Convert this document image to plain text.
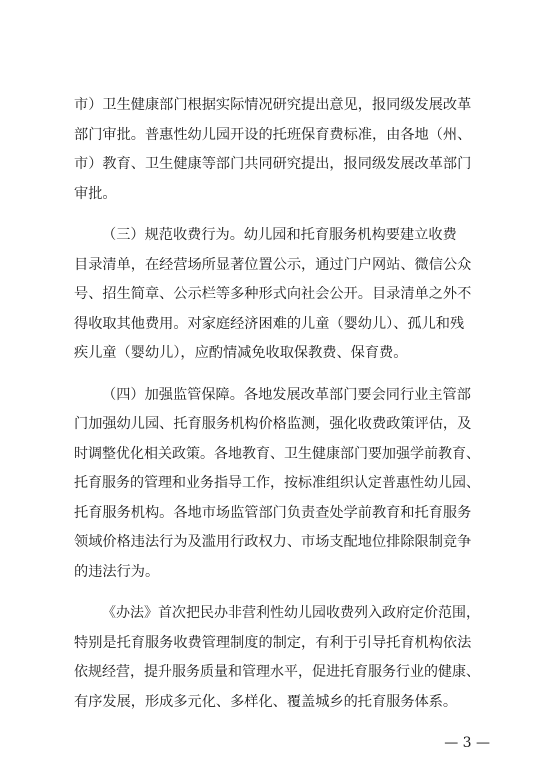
市）卫生健康部门根据实际情况研究提出意见，报同级发展改革
部门审批。普惠性幼儿园开设的托班保育费标准，由各地（州、
市）教育、卫生健康等部门共同研究提出，报同级发展改革部门
审批。
（三）规范收费行为。幼儿园和托育服务机构要建立收费
目录清单，在经营场所显著位置公示，通过门户网站、微信公众
号、招生简章、公示栏等多种形式向社会公开。目录清单之外不
得收取其他费用。对家庭经济困难的儿童（婴幼儿）、孤儿和残
疾儿童（婴幼儿），应酌情减免收取保教费、保育费。
（四）加强监管保障。各地发展改革部门要会同行业主管部
门加强幼儿园、托育服务机构价格监测，强化收费政策评估，及
时调整优化相关政策。各地教育、卫生健康部门要加强学前教育、
托育服务的管理和业务指导工作，按标准组织认定普惠性幼儿园、
托育服务机构。各地市场监管部门负责查处学前教育和托育服务
领域价格违法行为及滥用行政权力、市场支配地位排除限制竞争
的违法行为。
《办法》首次把民办非营利性幼儿园收费列入政府定价范围，
特别是托育服务收费管理制度的制定，有利于引导托育机构依法
依规经营，提升服务质量和管理水平，促进托育服务行业的健康、
有序发展，形成多元化、多样化、覆盖城乡的托育服务体系。
— 3 —
